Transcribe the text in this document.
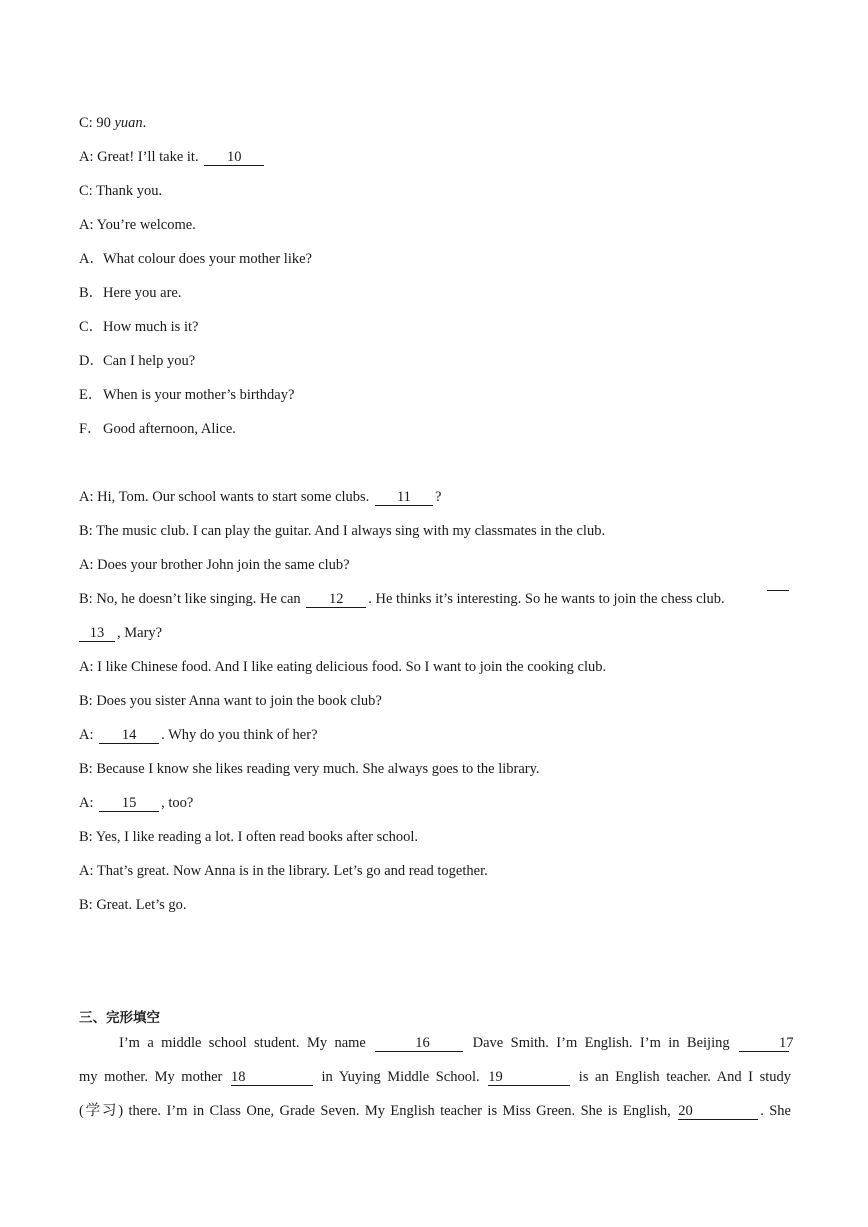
C: 90 yuan.
A: Great! I’ll take it. 10
C: Thank you.
A: You’re welcome.
A．What colour does your mother like?
B．Here you are.
C．How much is it?
D．Can I help you?
E．When is your mother’s birthday?
F．Good afternoon, Alice.
A: Hi, Tom. Our school wants to start some clubs. 11 ?
B: The music club. I can play the guitar. And I always sing with my classmates in the club.
A: Does your brother John join the same club?
B: No, he doesn’t like singing. He can 12 . He thinks it’s interesting. So he wants to join the chess club.
13 , Mary?
A: I like Chinese food. And I like eating delicious food. So I want to join the cooking club.
B: Does you sister Anna want to join the book club?
A: 14 . Why do you think of her?
B: Because I know she likes reading very much. She always goes to the library.
A: 15 , too?
B: Yes, I like reading a lot. I often read books after school.
A: That’s great. Now Anna is in the library. Let’s go and read together.
B: Great. Let’s go.
三、完形填空
I’m a middle school student. My name	16 Dave Smith. I’m English. I’m in Beijing	17
my mother. My mother 18	in Yuying Middle School. 19	is an English teacher. And I study
(学习) there. I’m in Class One, Grade Seven. My English teacher is Miss Green. She is English, 20	. She
